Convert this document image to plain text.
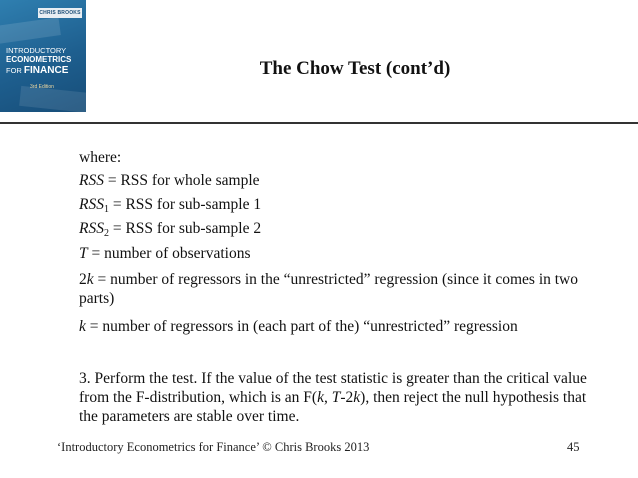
CHRIS BROOKS
INTRODUCTORY
ECONOMETRICS
FOR FINANCE
3rd Edition
The Chow Test (cont’d)
where:
RSS = RSS for whole sample
$RSS_1$ = RSS for sub-sample 1
$RSS_2$ = RSS for sub-sample 2
T = number of observations
2k = number of regressors in the “unrestricted” regression (since it comes in two parts)
k = number of regressors in (each part of the) “unrestricted” regression
3. Perform the test. If the value of the test statistic is greater than the critical value from the F-distribution, which is an F(k, T-2k), then reject the null hypothesis that the parameters are stable over time.
‘Introductory Econometrics for Finance’ © Chris Brooks 2013	45
